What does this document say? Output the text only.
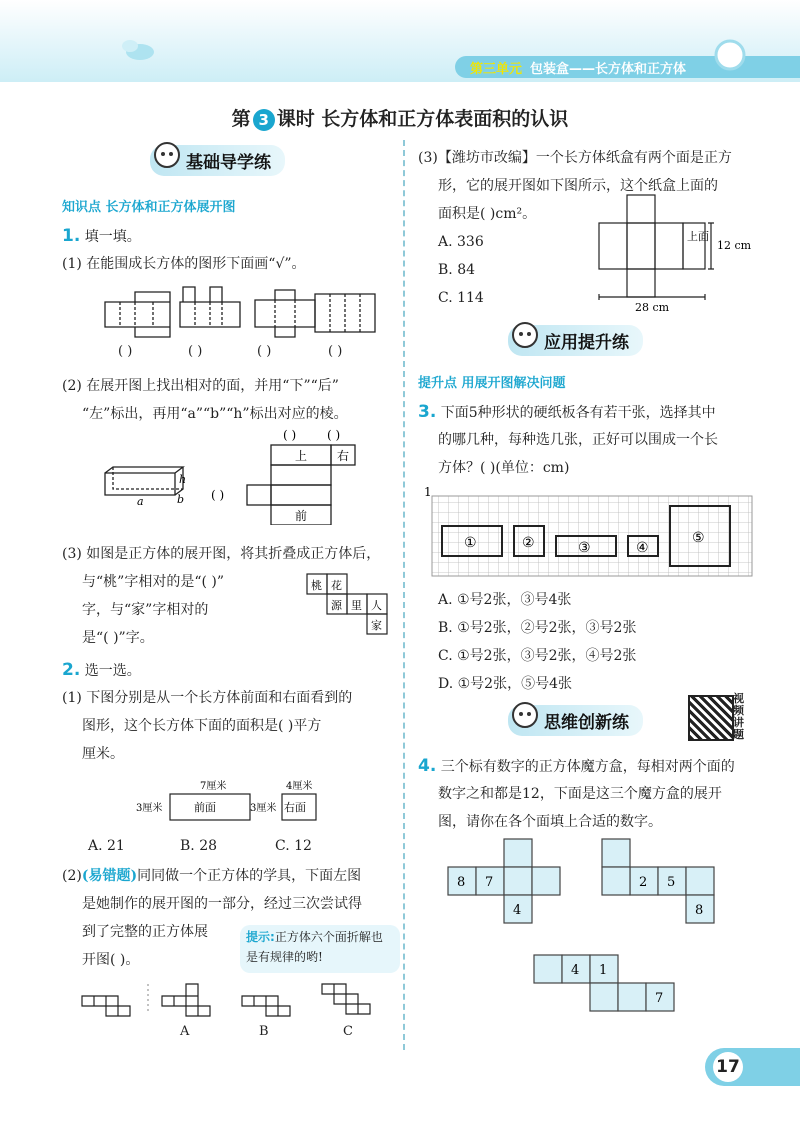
第三单元 包装盒——长方体和正方体
第 3 课时 长方体和正方体表面积的认识
基础导学练
知识点 长方体和正方体展开图
1. 填一填。
(1) 在能围成长方体的图形下面画“√”。
( )	( )	( )	( )
(2) 在展开图上找出相对的面，并用“下”“后”
“左”标出，再用“a”“b”“h”标出对应的棱。
h
a	b
上 右
前
( )	( )
( )
(3) 如图是正方体的展开图，将其折叠成正方体后，
与“桃”字相对的是“( )”
字，与“家”字相对的
是“( )”字。
桃 花
源 里 人
家
2. 选一选。
(1) 下图分别是从一个长方体前面和右面看到的
图形，这个长方体下面的面积是( )平方
厘米。
7厘米
3厘米	前面
4厘米
3厘米 右面
A. 21	B. 28	C. 12
(2)(易错题)同同做一个正方体的学具，下面左图
是她制作的展开图的一部分，经过三次尝试得
到了完整的正方体展
开图( )。
提示:正方体六个面折解也是有规律的哟!
A	B	C
(3)【潍坊市改编】一个长方体纸盒有两个面是正方
形，它的展开图如下图所示，这个纸盒上面的
面积是( )cm²。
A. 336
B. 84
C. 114
上面
12 cm
28 cm
应用提升练
提升点 用展开图解决问题
3. 下面5种形状的硬纸板各有若干张，选择其中
的哪几种，每种选几张，正好可以围成一个长
方体？( )(单位：cm)
1
①	②	③	④
⑤
A. ①号2张，③号4张
B. ①号2张，②号2张，③号2张
C. ①号2张，③号2张，④号2张
D. ①号2张，⑤号4张
思维创新练
视频讲题
4. 三个标有数字的正方体魔方盒，每相对两个面的
数字之和都是12，下面是这三个魔方盒的展开
图，请你在各个面填上合适的数字。
8 7
4
2 5
8
4 1
7
17
